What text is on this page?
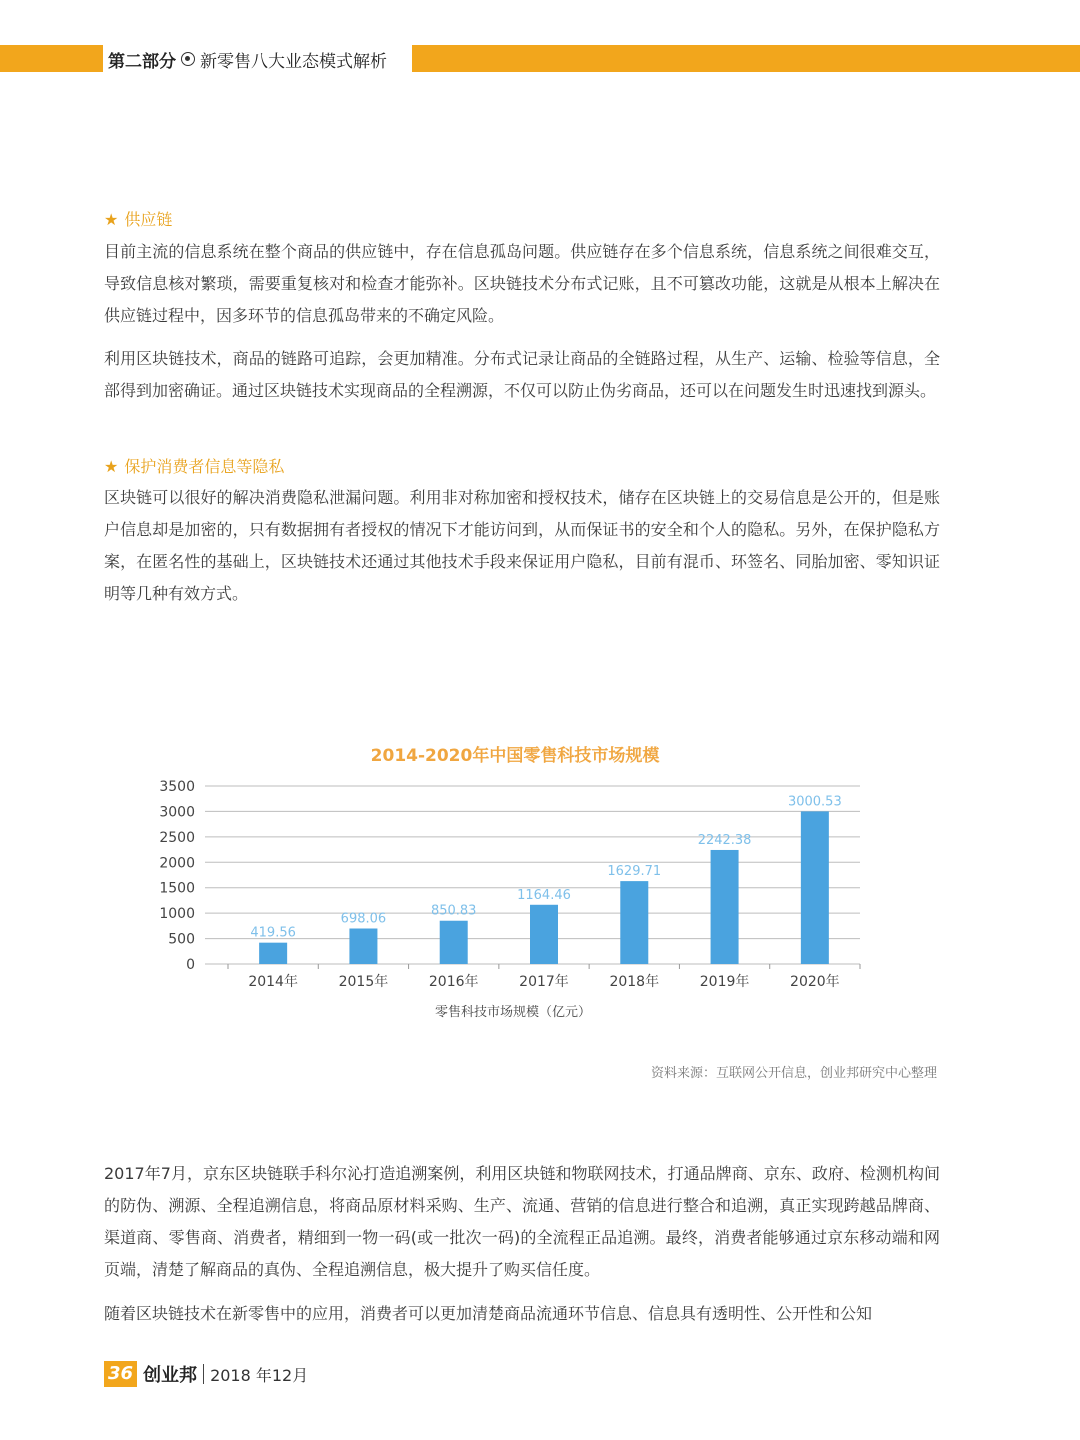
第二部分 新零售八大业态模式解析
★ 供应链

目前主流的信息系统在整个商品的供应链中，存在信息孤岛问题。供应链存在多个信息系统，信息系统之间很难交互，导致信息核对繁琐，需要重复核对和检查才能弥补。区块链技术分布式记账，且不可篡改功能，这就是从根本上解决在供应链过程中，因多环节的信息孤岛带来的不确定风险。

利用区块链技术，商品的链路可追踪，会更加精准。分布式记录让商品的全链路过程，从生产、运输、检验等信息，全部得到加密确证。通过区块链技术实现商品的全程溯源，不仅可以防止伪劣商品，还可以在问题发生时迅速找到源头。

★ 保护消费者信息等隐私

区块链可以很好的解决消费隐私泄漏问题。利用非对称加密和授权技术，储存在区块链上的交易信息是公开的，但是账户信息却是加密的，只有数据拥有者授权的情况下才能访问到，从而保证书的安全和个人的隐私。另外，在保护隐私方案，在匿名性的基础上，区块链技术还通过其他技术手段来保证用户隐私，目前有混币、环签名、同胎加密、零知识证明等几种有效方式。

2014-2020年中国零售科技市场规模
0
500
1000
1500
2000
2500
3000
3500
419.56
2014年
698.06
2015年
850.83
2016年
1164.46
2017年
1629.71
2018年
2242.38
2019年
3000.53
2020年
零售科技市场规模（亿元）
资料来源：互联网公开信息，创业邦研究中心整理

2017年7月，京东区块链联手科尔沁打造追溯案例，利用区块链和物联网技术，打通品牌商、京东、政府、检测机构间的防伪、溯源、全程追溯信息，将商品原材料采购、生产、流通、营销的信息进行整合和追溯，真正实现跨越品牌商、渠道商、零售商、消费者，精细到一物一码(或一批次一码)的全流程正品追溯。最终，消费者能够通过京东移动端和网页端，清楚了解商品的真伪、全程追溯信息，极大提升了购买信任度。

随着区块链技术在新零售中的应用，消费者可以更加清楚商品流通环节信息、信息具有透明性、公开性和公知

36 创业邦 2018 年12月
